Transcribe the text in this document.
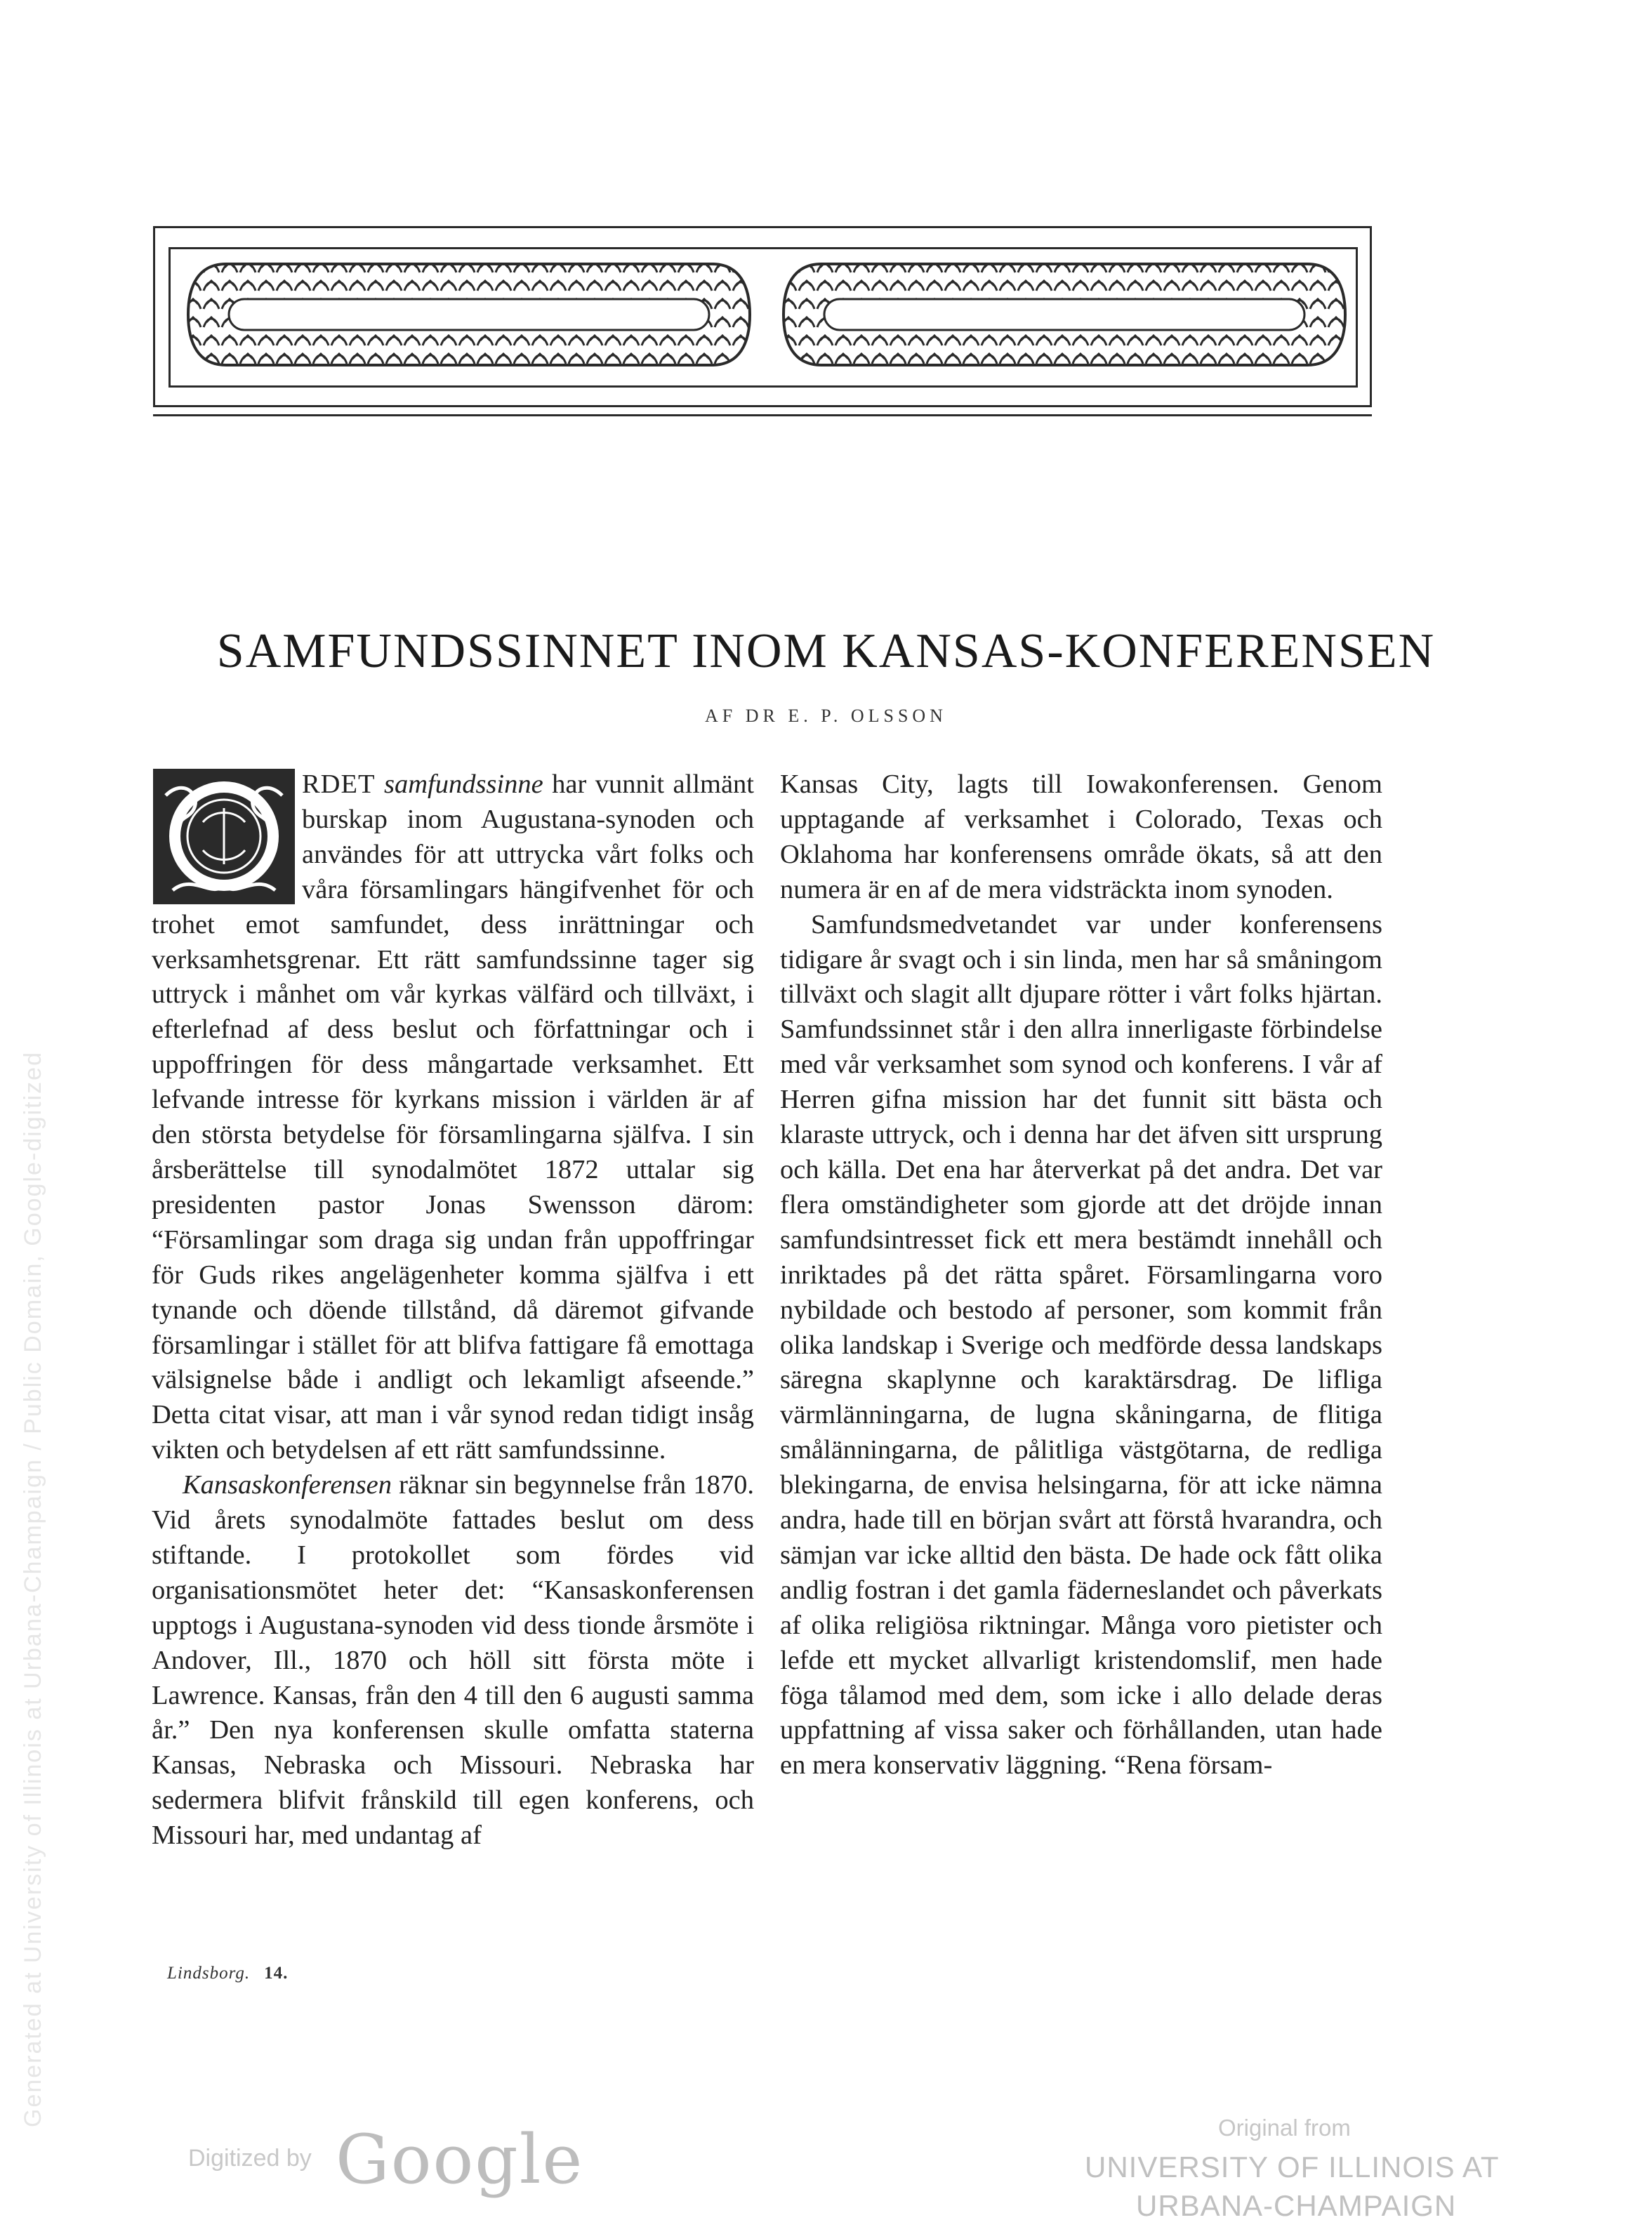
SAMFUNDSSINNET INOM KANSAS-KONFERENSEN
AF DR E. P. OLSSON

RDET samfundssinne har vunnit allmänt burskap inom Augustana-synoden och användes för att uttrycka vårt folks och våra församlingars hängifvenhet för och trohet emot samfundet, dess inrättningar och verksamhetsgrenar. Ett rätt samfundssinne tager sig uttryck i månhet om vår kyrkas välfärd och tillväxt, i efterlefnad af dess beslut och författningar och i uppoffringen för dess mångartade verksamhet. Ett lefvande intresse för kyrkans mission i världen är af den största betydelse för församlingarna själfva. I sin årsberättelse till synodalmötet 1872 uttalar sig presidenten pastor Jonas Swensson därom: “Församlingar som draga sig undan från uppoffringar för Guds rikes angelägenheter komma själfva i ett tynande och döende tillstånd, då däremot gifvande församlingar i stället för att blifva fattigare få emottaga välsignelse både i andligt och lekamligt afseende.” Detta citat visar, att man i vår synod redan tidigt insåg vikten och betydelsen af ett rätt samfundssinne.

Kansaskonferensen räknar sin begynnelse från 1870. Vid årets synodalmöte fattades beslut om dess stiftande. I protokollet som fördes vid organisationsmötet heter det: “Kansaskonferensen upptogs i Augustana-synoden vid dess tionde årsmöte i Andover, Ill., 1870 och höll sitt första möte i Lawrence. Kansas, från den 4 till den 6 augusti samma år.” Den nya konferensen skulle omfatta staterna Kansas, Nebraska och Missouri. Nebraska har sedermera blifvit frånskild till egen konferens, och Missouri har, med undantag af

Kansas City, lagts till Iowakonferensen. Genom upptagande af verksamhet i Colorado, Texas och Oklahoma har konferensens område ökats, så att den numera är en af de mera vidsträckta inom synoden.

Samfundsmedvetandet var under konferensens tidigare år svagt och i sin linda, men har så småningom tillväxt och slagit allt djupare rötter i vårt folks hjärtan. Samfundssinnet står i den allra innerligaste förbindelse med vår verksamhet som synod och konferens. I vår af Herren gifna mission har det funnit sitt bästa och klaraste uttryck, och i denna har det äfven sitt ursprung och källa. Det ena har återverkat på det andra. Det var flera omständigheter som gjorde att det dröjde innan samfundsintresset fick ett mera bestämdt innehåll och inriktades på det rätta spåret. Församlingarna voro nybildade och bestodo af personer, som kommit från olika landskap i Sverige och medförde dessa landskaps säregna skaplynne och karaktärsdrag. De lifliga värmlänningarna, de lugna skåningarna, de flitiga smålänningarna, de pålitliga västgötarna, de redliga blekingarna, de envisa helsingarna, för att icke nämna andra, hade till en början svårt att förstå hvarandra, och sämjan var icke alltid den bästa. De hade ock fått olika andlig fostran i det gamla fäderneslandet och påverkats af olika religiösa riktningar. Många voro pietister och lefde ett mycket allvarligt kristendomslif, men hade föga tålamod med dem, som icke i allo delade deras uppfattning af vissa saker och förhållanden, utan hade en mera konservativ läggning. “Rena försam-

Lindsborg. 14.
Generated at University of Illinois at Urbana-Champaign / Public Domain, Google-digitized
Digitized by Google	Original from
UNIVERSITY OF ILLINOIS AT
URBANA-CHAMPAIGN
